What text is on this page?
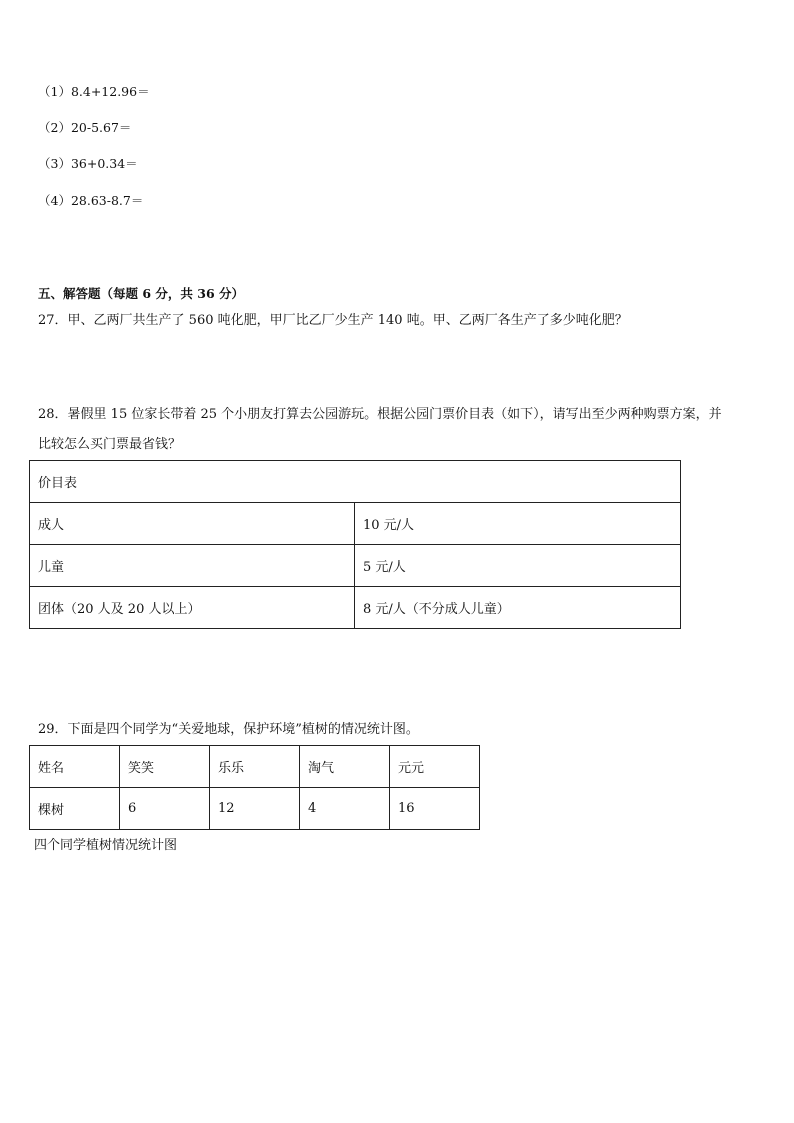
（1）8.4+12.96＝
（2）20-5.67＝
（3）36+0.34＝
（4）28.63-8.7＝
五、解答题（每题 6 分，共 36 分）
27．甲、乙两厂共生产了 560 吨化肥，甲厂比乙厂少生产 140 吨。甲、乙两厂各生产了多少吨化肥？
28．暑假里 15 位家长带着 25 个小朋友打算去公园游玩。根据公园门票价目表（如下），请写出至少两种购票方案，并
比较怎么买门票最省钱？
价目表	
成人	10 元/人
儿童	5 元/人
团体（20 人及 20 人以上）	8 元/人（不分成人儿童）
29．下面是四个同学为“关爱地球，保护环境”植树的情况统计图。
姓名	笑笑	乐乐	淘气	元元
棵树	6	12	4	16
四个同学植树情况统计图
